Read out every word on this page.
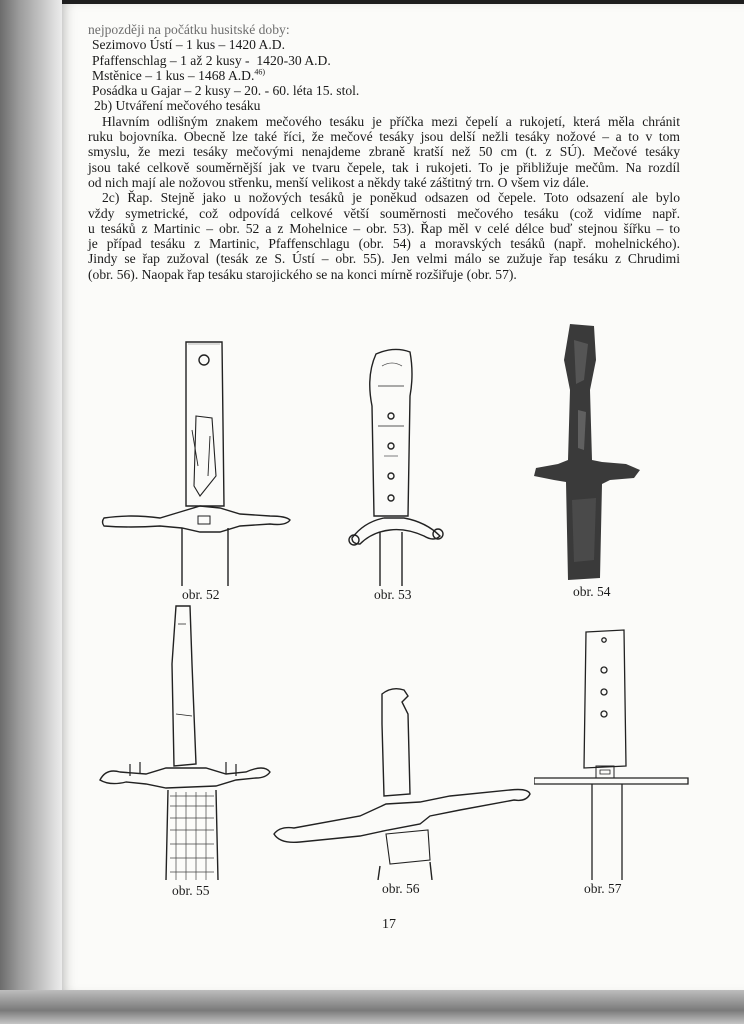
nejpozději na počátku husitské doby:
Sezimovo Ústí – 1 kus – 1420 A.D.
Pfaffenschlag – 1 až 2 kusy -  1420-30 A.D.
Mstěnice – 1 kus – 1468 A.D.$^{46)}$
Posádka u Gajar – 2 kusy – 20. - 60. léta 15. stol.
2b) Utváření mečového tesáku
Hlavním odlišným znakem mečového tesáku je příčka mezi čepelí a rukojetí, která měla chránit
ruku bojovníka. Obecně lze také říci, že mečové tesáky jsou delší nežli tesáky nožové – a to v tom
smyslu, že mezi tesáky mečovými nenajdeme zbraně kratší než 50 cm (t. z SÚ). Mečové tesáky
jsou také celkově souměrnější jak ve tvaru čepele, tak i rukojeti. To je přibližuje mečům. Na rozdíl
od nich mají ale nožovou střenku, menší velikost a někdy také záštitný trn. O všem viz dále.
2c) Řap. Stejně jako u nožových tesáků je poněkud odsazen od čepele. Toto odsazení ale bylo
vždy symetrické, což odpovídá celkové větší souměrnosti mečového tesáku (což vidíme např.
u tesáků z Martinic – obr. 52 a z Mohelnice – obr. 53). Řap měl v celé délce buď stejnou šířku – to
je případ tesáku z Martinic, Pfaffenschlagu (obr. 54) a moravských tesáků (např. mohelnického).
Jindy se řap zužoval (tesák ze S. Ústí – obr. 55). Jen velmi málo se zužuje řap tesáku z Chrudimi
(obr. 56). Naopak řap tesáku starojického se na konci mírně rozšiřuje (obr. 57).
obr. 52	obr. 53	obr. 54
obr. 55	obr. 56	obr. 57
17
